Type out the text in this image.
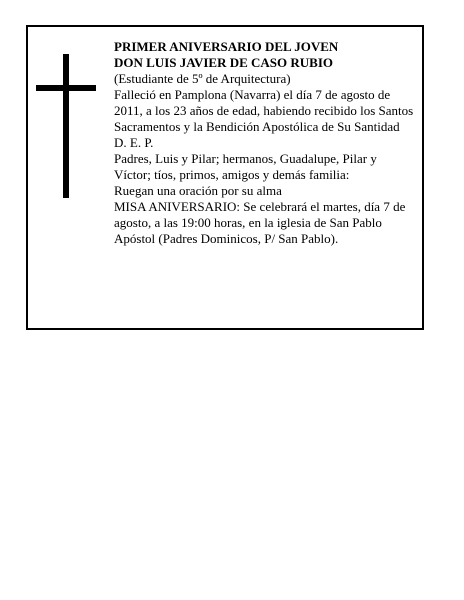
PRIMER ANIVERSARIO DEL JOVEN
DON LUIS JAVIER DE CASO RUBIO
(Estudiante de 5º de Arquitectura)
Falleció en Pamplona (Navarra) el día 7 de agosto de 2011, a los 23 años de edad, habiendo recibido los Santos Sacramentos y la Bendición Apostólica de Su Santidad
D. E. P.
Padres, Luis y Pilar; hermanos, Guadalupe, Pilar y Víctor; tíos, primos, amigos y demás familia:
Ruegan una oración por su alma
MISA ANIVERSARIO: Se celebrará el martes, día 7 de agosto, a las 19:00 horas, en la iglesia de San Pablo Apóstol (Padres Dominicos, P/ San Pablo).
